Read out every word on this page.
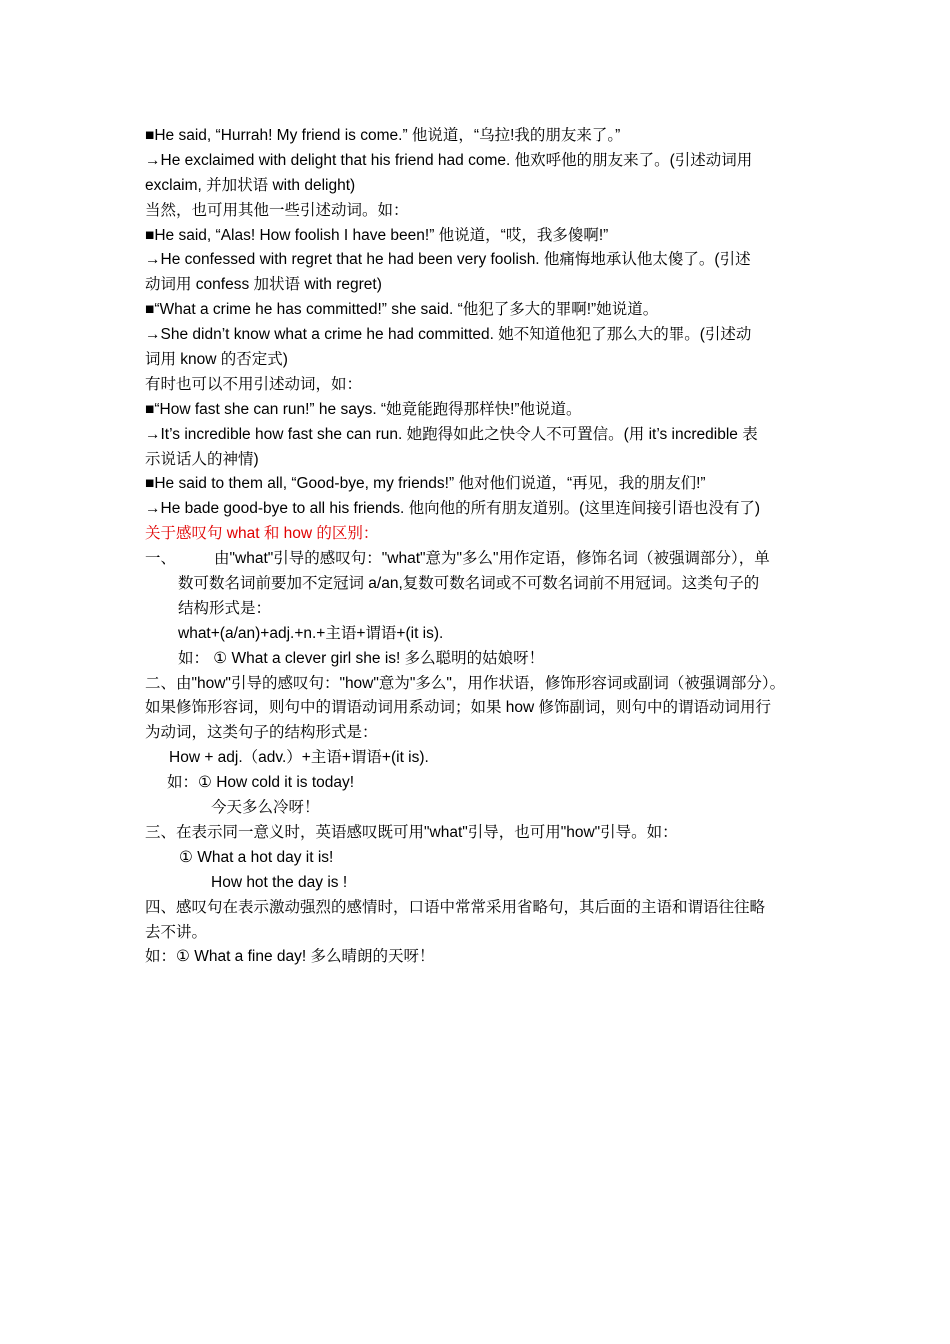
■He said, “Hurrah! My friend is come.” 他说道，“乌拉!我的朋友来了。”
→He exclaimed with delight that his friend had come. 他欢呼他的朋友来了。(引述动词用
exclaim, 并加状语 with delight)
当然，也可用其他一些引述动词。如：
■He said, “Alas! How foolish I have been!” 他说道，“哎，我多傻啊!”
→He confessed with regret that he had been very foolish. 他痛悔地承认他太傻了。(引述
动词用 confess 加状语 with regret)
■“What a crime he has committed!” she said. “他犯了多大的罪啊!”她说道。
→She didn’t know what a crime he had committed. 她不知道他犯了那么大的罪。(引述动
词用 know 的否定式)
有时也可以不用引述动词，如：
■“How fast she can run!” he says. “她竟能跑得那样快!”他说道。
→It’s incredible how fast she can run. 她跑得如此之快令人不可置信。(用 it’s incredible 表
示说话人的神情)
■He said to them all, “Good-bye, my friends!” 他对他们说道，“再见，我的朋友们!”
→He bade good-bye to all his friends. 他向他的所有朋友道别。(这里连间接引语也没有了)
关于感叹句 what 和 how 的区别：
一、 由"what"引导的感叹句："what"意为"多么"用作定语，修饰名词（被强调部分），单
数可数名词前要加不定冠词 a/an,复数可数名词或不可数名词前不用冠词。这类句子的
结构形式是：
what+(a/an)+adj.+n.+主语+谓语+(it is).
如： ① What a clever girl she is! 多么聪明的姑娘呀！
二、由"how"引导的感叹句："how"意为"多么"，用作状语，修饰形容词或副词（被强调部分）。
如果修饰形容词，则句中的谓语动词用系动词；如果 how 修饰副词，则句中的谓语动词用行
为动词，这类句子的结构形式是：
How + adj.（adv.）+主语+谓语+(it is).
如：① How cold it is today!
今天多么冷呀！
三、在表示同一意义时，英语感叹既可用"what"引导，也可用"how"引导。如：
① What a hot day it is!
How hot the day is !
四、感叹句在表示激动强烈的感情时，口语中常常采用省略句，其后面的主语和谓语往往略
去不讲。
如：① What a fine day! 多么晴朗的天呀！
